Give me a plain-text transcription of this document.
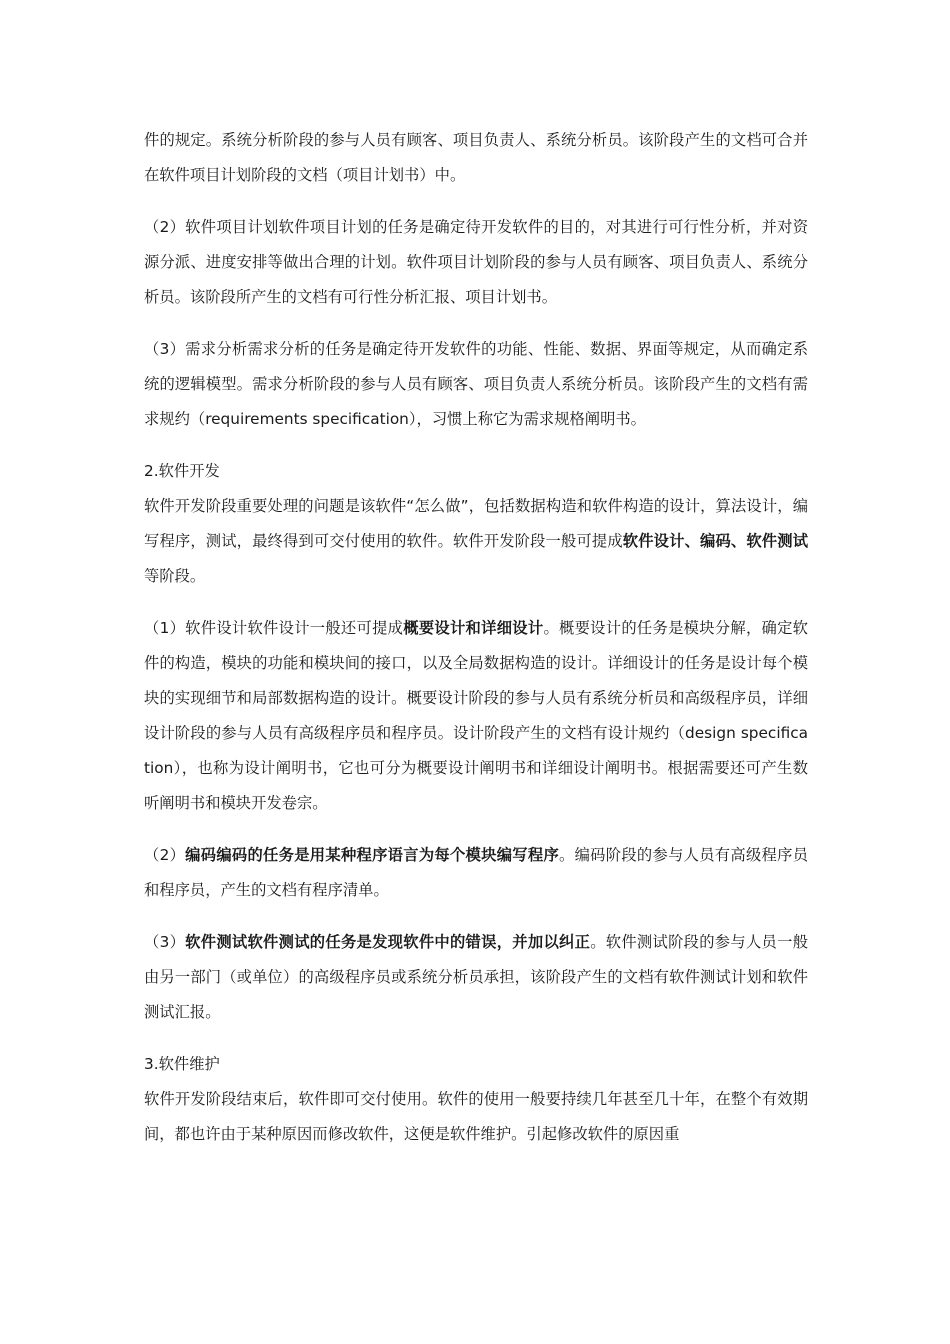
件的规定。系统分析阶段的参与人员有顾客、项目负责人、系统分析员。该阶段产生的文档可合并在软件项目计划阶段的文档（项目计划书）中。

（2）软件项目计划软件项目计划的任务是确定待开发软件的目的，对其进行可行性分析，并对资源分派、进度安排等做出合理的计划。软件项目计划阶段的参与人员有顾客、项目负责人、系统分析员。该阶段所产生的文档有可行性分析汇报、项目计划书。

（3）需求分析需求分析的任务是确定待开发软件的功能、性能、数据、界面等规定，从而确定系统的逻辑模型。需求分析阶段的参与人员有顾客、项目负责人系统分析员。该阶段产生的文档有需求规约（requirements specification），习惯上称它为需求规格阐明书。

2.软件开发

软件开发阶段重要处理的问题是该软件“怎么做”，包括数据构造和软件构造的设计，算法设计，编写程序，测试，最终得到可交付使用的软件。软件开发阶段一般可提成软件设计、编码、软件测试等阶段。

（1）软件设计软件设计一般还可提成概要设计和详细设计。概要设计的任务是模块分解，确定软件的构造，模块的功能和模块间的接口，以及全局数据构造的设计。详细设计的任务是设计每个模块的实现细节和局部数据构造的设计。概要设计阶段的参与人员有系统分析员和高级程序员，详细设计阶段的参与人员有高级程序员和程序员。设计阶段产生的文档有设计规约（design specification），也称为设计阐明书，它也可分为概要设计阐明书和详细设计阐明书。根据需要还可产生数听阐明书和模块开发卷宗。

（2）编码编码的任务是用某种程序语言为每个模块编写程序。编码阶段的参与人员有高级程序员和程序员，产生的文档有程序清单。

（3）软件测试软件测试的任务是发现软件中的错误，并加以纠正。软件测试阶段的参与人员一般由另一部门（或单位）的高级程序员或系统分析员承担，该阶段产生的文档有软件测试计划和软件测试汇报。

3.软件维护

软件开发阶段结束后，软件即可交付使用。软件的使用一般要持续几年甚至几十年，在整个有效期间，都也许由于某种原因而修改软件，这便是软件维护。引起修改软件的原因重
